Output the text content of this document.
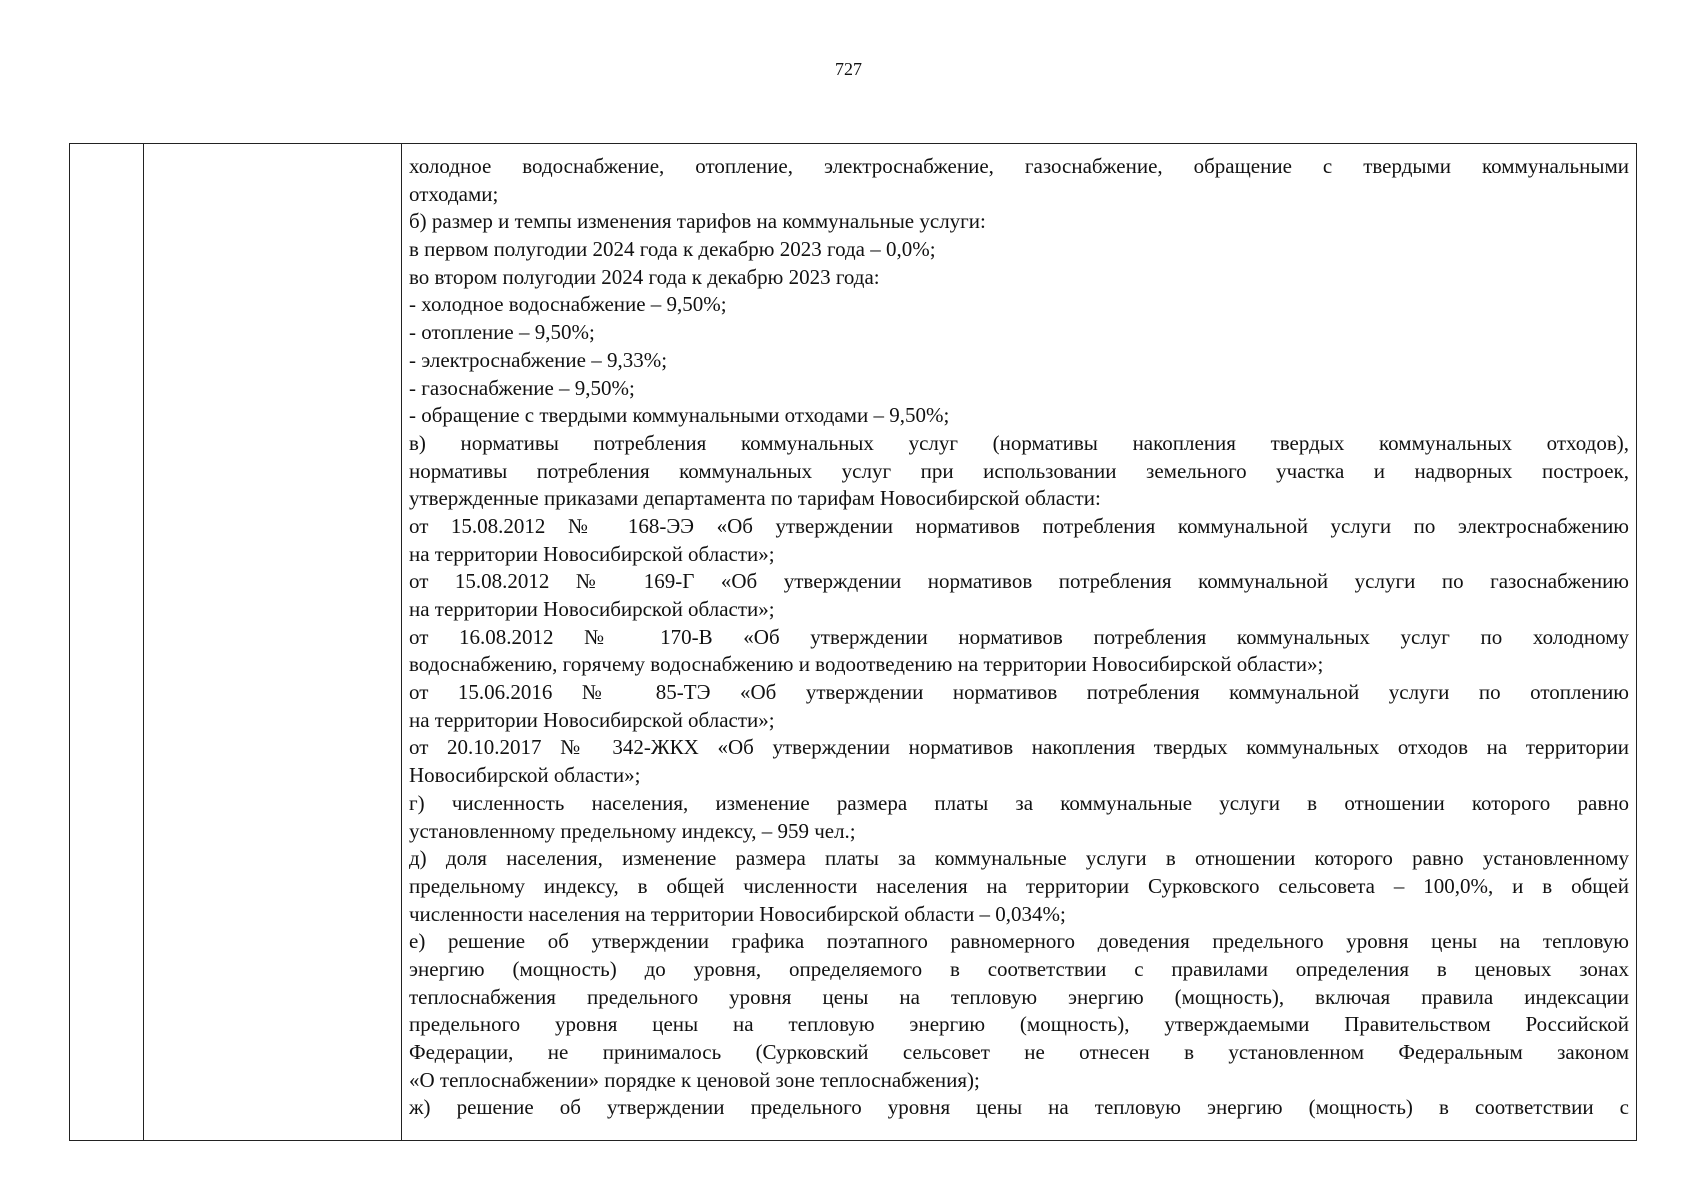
727
холодное водоснабжение, отопление, электроснабжение, газоснабжение, обращение с твердыми коммунальными
отходами;
б) размер и темпы изменения тарифов на коммунальные услуги:
в первом полугодии 2024 года к декабрю 2023 года – 0,0%;
во втором полугодии 2024 года к декабрю 2023 года:
- холодное водоснабжение – 9,50%;
- отопление – 9,50%;
- электроснабжение – 9,33%;
- газоснабжение – 9,50%;
- обращение с твердыми коммунальными отходами – 9,50%;
в) нормативы потребления коммунальных услуг (нормативы накопления твердых коммунальных отходов),
нормативы потребления коммунальных услуг при использовании земельного участка и надворных построек,
утвержденные приказами департамента по тарифам Новосибирской области:
от 15.08.2012 № 168-ЭЭ «Об утверждении нормативов потребления коммунальной услуги по электроснабжению
на территории Новосибирской области»;
от 15.08.2012 № 169-Г «Об утверждении нормативов потребления коммунальной услуги по газоснабжению
на территории Новосибирской области»;
от 16.08.2012 № 170-В «Об утверждении нормативов потребления коммунальных услуг по холодному
водоснабжению, горячему водоснабжению и водоотведению на территории Новосибирской области»;
от 15.06.2016 № 85-ТЭ «Об утверждении нормативов потребления коммунальной услуги по отоплению
на территории Новосибирской области»;
от 20.10.2017 № 342-ЖКХ «Об утверждении нормативов накопления твердых коммунальных отходов на территории
Новосибирской области»;
г) численность населения, изменение размера платы за коммунальные услуги в отношении которого равно
установленному предельному индексу, – 959 чел.;
д) доля населения, изменение размера платы за коммунальные услуги в отношении которого равно установленному
предельному индексу, в общей численности населения на территории Сурковского сельсовета – 100,0%, и в общей
численности населения на территории Новосибирской области – 0,034%;
е) решение об утверждении графика поэтапного равномерного доведения предельного уровня цены на тепловую
энергию (мощность) до уровня, определяемого в соответствии с правилами определения в ценовых зонах
теплоснабжения предельного уровня цены на тепловую энергию (мощность), включая правила индексации
предельного уровня цены на тепловую энергию (мощность), утверждаемыми Правительством Российской
Федерации, не принималось (Сурковский сельсовет не отнесен в установленном Федеральным законом
«О теплоснабжении» порядке к ценовой зоне теплоснабжения);
ж) решение об утверждении предельного уровня цены на тепловую энергию (мощность) в соответствии с
